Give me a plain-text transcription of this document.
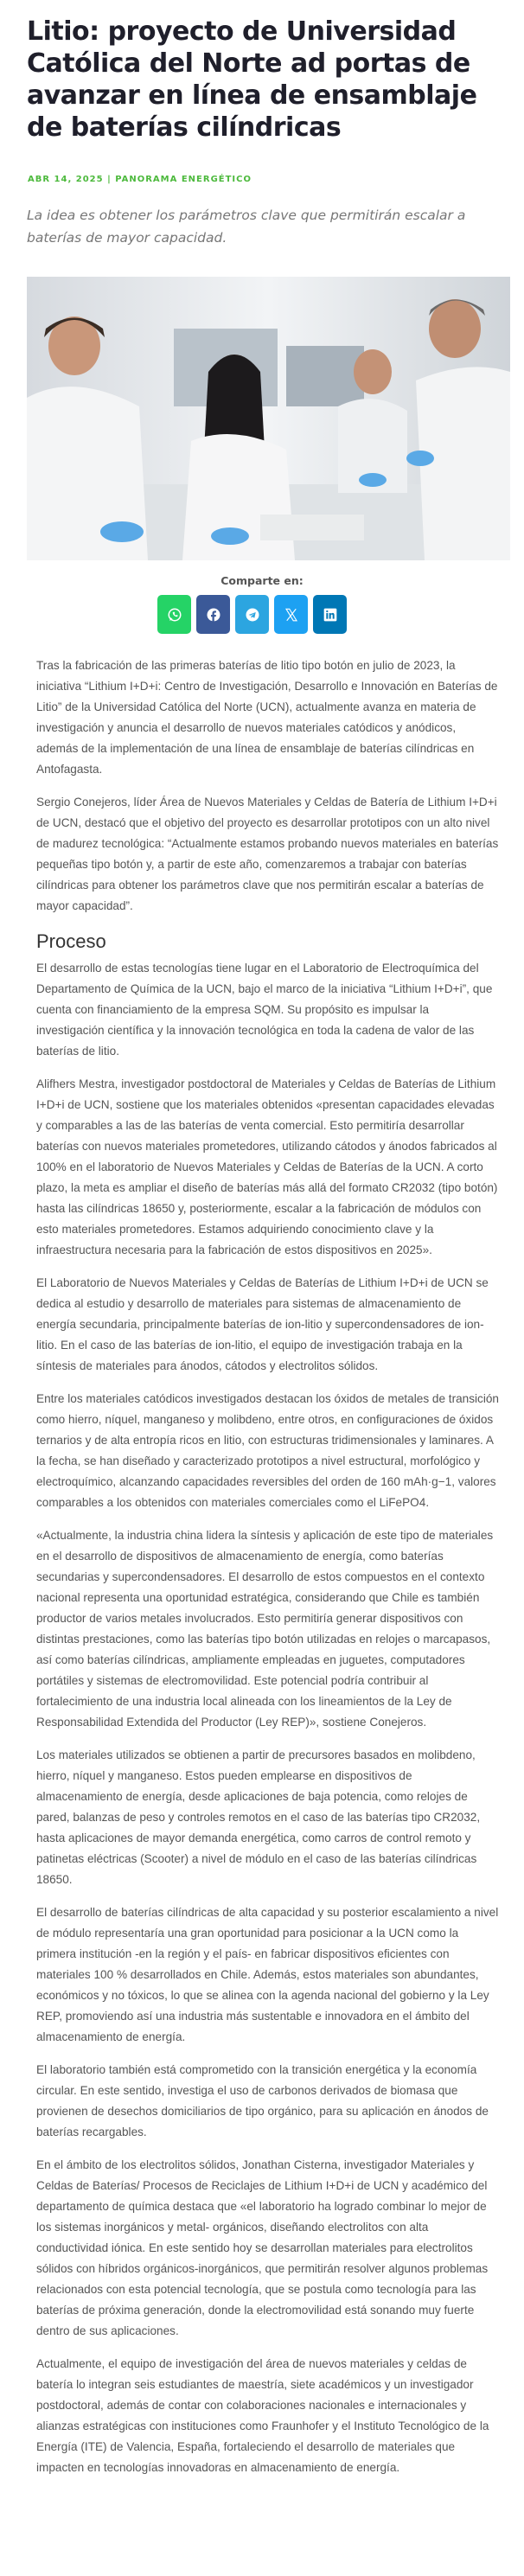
Litio: proyecto de Universidad Católica del Norte ad portas de avanzar en línea de ensamblaje de baterías cilíndricas
ABR 14, 2025 | PANORAMA ENERGÉTICO

La idea es obtener los parámetros clave que permitirán escalar a baterías de mayor capacidad.

Comparte en:

Tras la fabricación de las primeras baterías de litio tipo botón en julio de 2023, la iniciativa “Lithium I+D+i: Centro de Investigación, Desarrollo e Innovación en Baterías de Litio” de la Universidad Católica del Norte (UCN), actualmente avanza en materia de investigación y anuncia el desarrollo de nuevos materiales catódicos y anódicos, además de la implementación de una línea de ensamblaje de baterías cilíndricas en Antofagasta.

Sergio Conejeros, líder Área de Nuevos Materiales y Celdas de Batería de Lithium I+D+i de UCN, destacó que el objetivo del proyecto es desarrollar prototipos con un alto nivel de madurez tecnológica: “Actualmente estamos probando nuevos materiales en baterías pequeñas tipo botón y, a partir de este año, comenzaremos a trabajar con baterías cilíndricas para obtener los parámetros clave que nos permitirán escalar a baterías de mayor capacidad”.

Proceso

El desarrollo de estas tecnologías tiene lugar en el Laboratorio de Electroquímica del Departamento de Química de la UCN, bajo el marco de la iniciativa “Lithium I+D+i”, que cuenta con financiamiento de la empresa SQM. Su propósito es impulsar la investigación científica y la innovación tecnológica en toda la cadena de valor de las baterías de litio.

Alifhers Mestra, investigador postdoctoral de Materiales y Celdas de Baterías de Lithium I+D+i de UCN, sostiene que los materiales obtenidos «presentan capacidades elevadas y comparables a las de las baterías de venta comercial. Esto permitiría desarrollar baterías con nuevos materiales prometedores, utilizando cátodos y ánodos fabricados al 100% en el laboratorio de Nuevos Materiales y Celdas de Baterías de la UCN. A corto plazo, la meta es ampliar el diseño de baterías más allá del formato CR2032 (tipo botón) hasta las cilíndricas 18650 y, posteriormente, escalar a la fabricación de módulos con esto materiales prometedores. Estamos adquiriendo conocimiento clave y la infraestructura necesaria para la fabricación de estos dispositivos en 2025».

El Laboratorio de Nuevos Materiales y Celdas de Baterías de Lithium I+D+i de UCN se dedica al estudio y desarrollo de materiales para sistemas de almacenamiento de energía secundaria, principalmente baterías de ion-litio y supercondensadores de ion-litio. En el caso de las baterías de ion-litio, el equipo de investigación trabaja en la síntesis de materiales para ánodos, cátodos y electrolitos sólidos.

Entre los materiales catódicos investigados destacan los óxidos de metales de transición como hierro, níquel, manganeso y molibdeno, entre otros, en configuraciones de óxidos ternarios y de alta entropía ricos en litio, con estructuras tridimensionales y laminares. A la fecha, se han diseñado y caracterizado prototipos a nivel estructural, morfológico y electroquímico, alcanzando capacidades reversibles del orden de 160 mAh·g−1, valores comparables a los obtenidos con materiales comerciales como el LiFePO4.

«Actualmente, la industria china lidera la síntesis y aplicación de este tipo de materiales en el desarrollo de dispositivos de almacenamiento de energía, como baterías secundarias y supercondensadores. El desarrollo de estos compuestos en el contexto nacional representa una oportunidad estratégica, considerando que Chile es también productor de varios metales involucrados. Esto permitiría generar dispositivos con distintas prestaciones, como las baterías tipo botón utilizadas en relojes o marcapasos, así como baterías cilíndricas, ampliamente empleadas en juguetes, computadores portátiles y sistemas de electromovilidad. Este potencial podría contribuir al fortalecimiento de una industria local alineada con los lineamientos de la Ley de Responsabilidad Extendida del Productor (Ley REP)», sostiene Conejeros.

Los materiales utilizados se obtienen a partir de precursores basados en molibdeno, hierro, níquel y manganeso. Estos pueden emplearse en dispositivos de almacenamiento de energía, desde aplicaciones de baja potencia, como relojes de pared, balanzas de peso y controles remotos en el caso de las baterías tipo CR2032, hasta aplicaciones de mayor demanda energética, como carros de control remoto y patinetas eléctricas (Scooter) a nivel de módulo en el caso de las baterías cilíndricas 18650.

El desarrollo de baterías cilíndricas de alta capacidad y su posterior escalamiento a nivel de módulo representaría una gran oportunidad para posicionar a la UCN como la primera institución -en la región y el país- en fabricar dispositivos eficientes con materiales 100 % desarrollados en Chile. Además, estos materiales son abundantes, económicos y no tóxicos, lo que se alinea con la agenda nacional del gobierno y la Ley REP, promoviendo así una industria más sustentable e innovadora en el ámbito del almacenamiento de energía.

El laboratorio también está comprometido con la transición energética y la economía circular. En este sentido, investiga el uso de carbonos derivados de biomasa que provienen de desechos domiciliarios de tipo orgánico, para su aplicación en ánodos de baterías recargables.

En el ámbito de los electrolitos sólidos, Jonathan Cisterna, investigador Materiales y Celdas de Baterías/ Procesos de Reciclajes de Lithium I+D+i de UCN y académico del departamento de química destaca que «el laboratorio ha logrado combinar lo mejor de los sistemas inorgánicos y metal- orgánicos, diseñando electrolitos con alta conductividad iónica. En este sentido hoy se desarrollan materiales para electrolitos sólidos con híbridos orgánicos-inorgánicos, que permitirán resolver algunos problemas relacionados con esta potencial tecnología, que se postula como tecnología para las baterías de próxima generación, donde la electromovilidad está sonando muy fuerte dentro de sus aplicaciones.

Actualmente, el equipo de investigación del área de nuevos materiales y celdas de batería lo integran seis estudiantes de maestría, siete académicos y un investigador postdoctoral, además de contar con colaboraciones nacionales e internacionales y alianzas estratégicas con instituciones como Fraunhofer y el Instituto Tecnológico de la Energía (ITE) de Valencia, España, fortaleciendo el desarrollo de materiales que impacten en tecnologías innovadoras en almacenamiento de energía.
